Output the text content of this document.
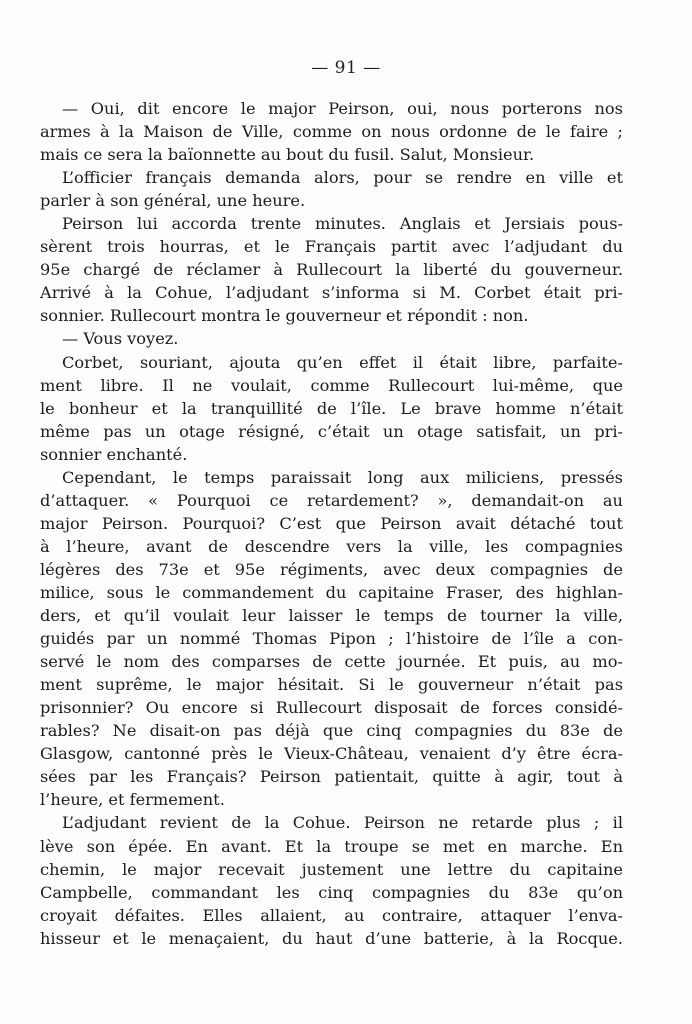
— 91 —
— Oui, dit encore le major Peirson, oui, nous porterons nos
armes à la Maison de Ville, comme on nous ordonne de le faire ;
mais ce sera la baïonnette au bout du fusil. Salut, Monsieur.
L’officier français demanda alors, pour se rendre en ville et
parler à son général, une heure.
Peirson lui accorda trente minutes. Anglais et Jersiais pous-
sèrent trois hourras, et le Français partit avec l’adjudant du
95e chargé de réclamer à Rullecourt la liberté du gouverneur.
Arrivé à la Cohue, l’adjudant s’informa si M. Corbet était pri-
sonnier. Rullecourt montra le gouverneur et répondit : non.
— Vous voyez.
Corbet, souriant, ajouta qu’en effet il était libre, parfaite-
ment libre. Il ne voulait, comme Rullecourt lui-même, que
le bonheur et la tranquillité de l’île. Le brave homme n’était
même pas un otage résigné, c’était un otage satisfait, un pri-
sonnier enchanté.
Cependant, le temps paraissait long aux miliciens, pressés
d’attaquer. « Pourquoi ce retardement? », demandait-on au
major Peirson. Pourquoi? C’est que Peirson avait détaché tout
à l’heure, avant de descendre vers la ville, les compagnies
légères des 73e et 95e régiments, avec deux compagnies de
milice, sous le commandement du capitaine Fraser, des highlan-
ders, et qu’il voulait leur laisser le temps de tourner la ville,
guidés par un nommé Thomas Pipon ; l’histoire de l’île a con-
servé le nom des comparses de cette journée. Et puis, au mo-
ment suprême, le major hésitait. Si le gouverneur n’était pas
prisonnier? Ou encore si Rullecourt disposait de forces considé-
rables? Ne disait-on pas déjà que cinq compagnies du 83e de
Glasgow, cantonné près le Vieux-Château, venaient d’y être écra-
sées par les Français? Peirson patientait, quitte à agir, tout à
l’heure, et fermement.
L’adjudant revient de la Cohue. Peirson ne retarde plus ; il
lève son épée. En avant. Et la troupe se met en marche. En
chemin, le major recevait justement une lettre du capitaine
Campbelle, commandant les cinq compagnies du 83e qu’on
croyait défaites. Elles allaient, au contraire, attaquer l’enva-
hisseur et le menaçaient, du haut d’une batterie, à la Rocque.
